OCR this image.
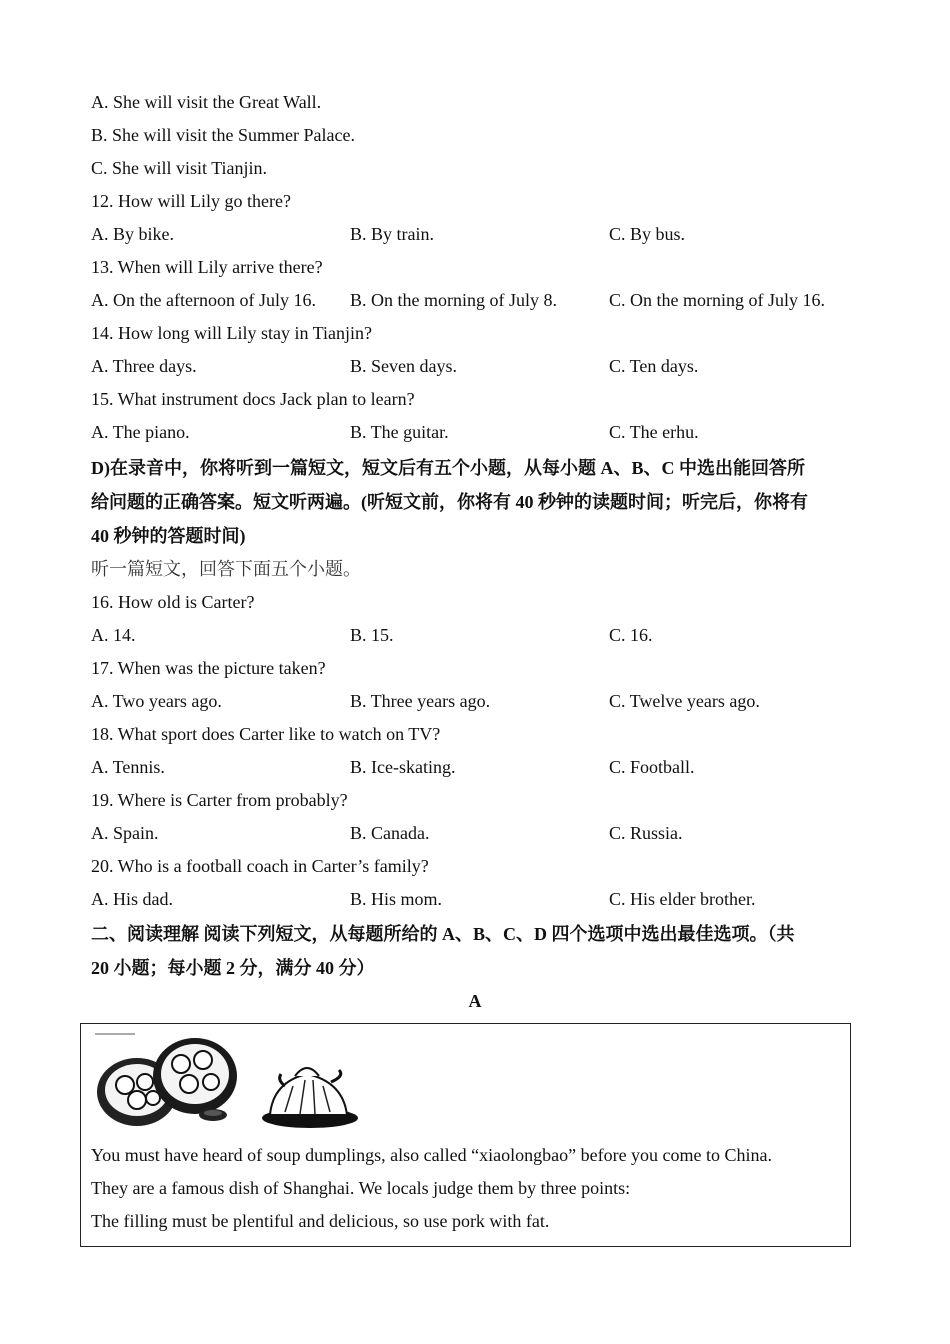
A. She will visit the Great Wall.
B. She will visit the Summer Palace.
C. She will visit Tianjin.
12. How will Lily go there?
A. By bike.	B. By train.	C. By bus.
13. When will Lily arrive there?
A. On the afternoon of July 16. B. On the morning of July 8.	C. On the morning of July 16.
14. How long will Lily stay in Tianjin?
A. Three days.	B. Seven days.	C. Ten days.
15. What instrument docs Jack plan to learn?
A. The piano.	B. The guitar.	C. The erhu.
D)在录音中，你将听到一篇短文，短文后有五个小题，从每小题 A、B、C 中选出能回答所
给问题的正确答案。短文听两遍。(听短文前，你将有 40 秒钟的读题时间；听完后，你将有
40 秒钟的答题时间)
听一篇短文，回答下面五个小题。
16. How old is Carter?
A. 14.	B. 15.	C. 16.
17. When was the picture taken?
A. Two years ago.	B. Three years ago.	C. Twelve years ago.
18. What sport does Carter like to watch on TV?
A. Tennis.	B. Ice-skating.	C. Football.
19. Where is Carter from probably?
A. Spain.	B. Canada.	C. Russia.
20. Who is a football coach in Carter’s family?
A. His dad.	B. His mom.	C. His elder brother.
二、阅读理解 阅读下列短文，从每题所给的 A、B、C、D 四个选项中选出最佳选项。（共
20 小题；每小题 2 分，满分 40 分）
A
You must have heard of soup dumplings, also called “xiaolongbao” before you come to China.
They are a famous dish of Shanghai. We locals judge them by three points:
The filling must be plentiful and delicious, so use pork with fat.
